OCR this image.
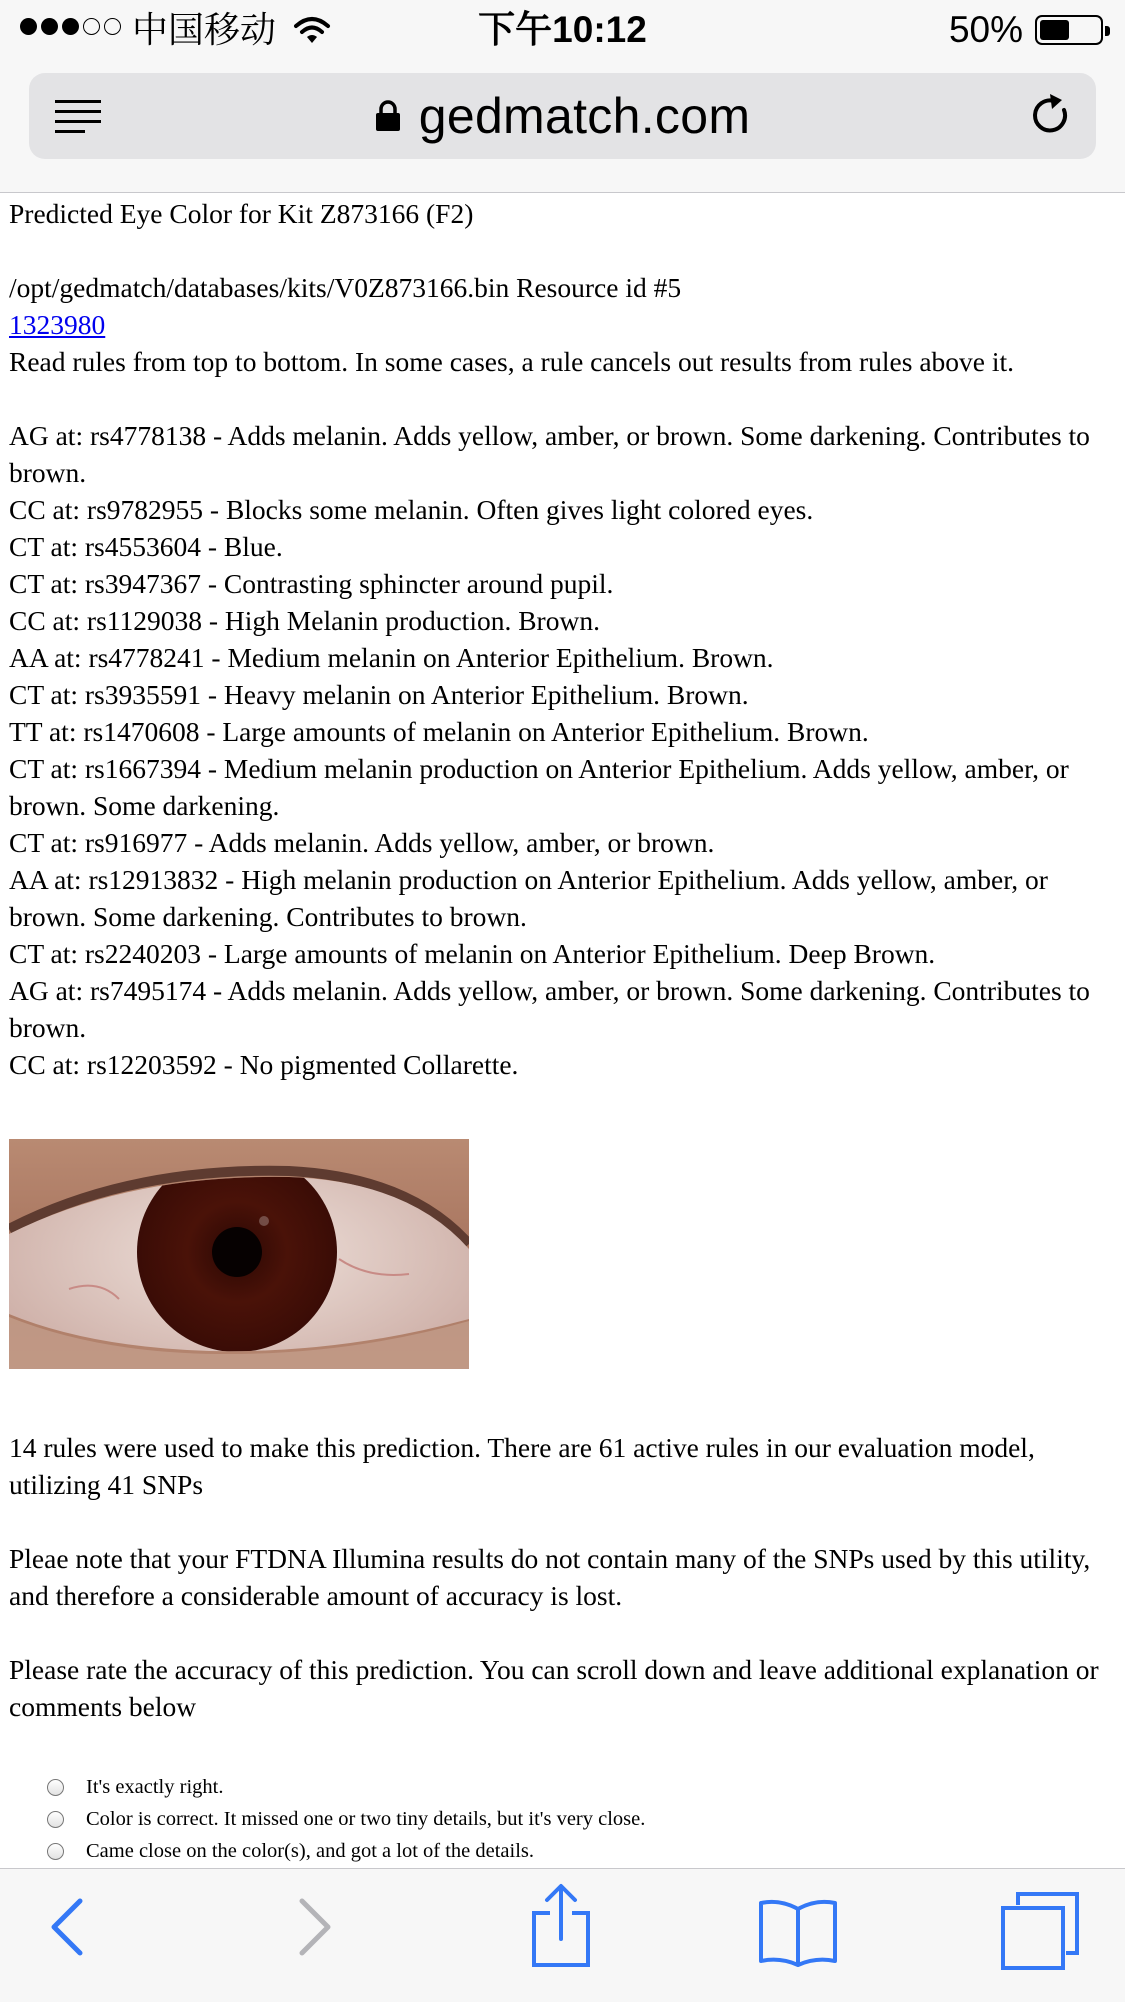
中国移动	下午10:12	50%
gedmatch.com

Predicted Eye Color for Kit Z873166 (F2)

/opt/gedmatch/databases/kits/V0Z873166.bin Resource id #5

1323980

Read rules from top to bottom. In some cases, a rule cancels out results from rules above it.

AG at: rs4778138 - Adds melanin. Adds yellow, amber, or brown. Some darkening. Contributes to brown.

CC at: rs9782955 - Blocks some melanin. Often gives light colored eyes.

CT at: rs4553604 - Blue.

CT at: rs3947367 - Contrasting sphincter around pupil.

CC at: rs1129038 - High Melanin production. Brown.

AA at: rs4778241 - Medium melanin on Anterior Epithelium. Brown.

CT at: rs3935591 - Heavy melanin on Anterior Epithelium. Brown.

TT at: rs1470608 - Large amounts of melanin on Anterior Epithelium. Brown.

CT at: rs1667394 - Medium melanin production on Anterior Epithelium. Adds yellow, amber, or brown. Some darkening.

CT at: rs916977 - Adds melanin. Adds yellow, amber, or brown.

AA at: rs12913832 - High melanin production on Anterior Epithelium. Adds yellow, amber, or brown. Some darkening. Contributes to brown.

CT at: rs2240203 - Large amounts of melanin on Anterior Epithelium. Deep Brown.

AG at: rs7495174 - Adds melanin. Adds yellow, amber, or brown. Some darkening. Contributes to brown.

CC at: rs12203592 - No pigmented Collarette.

14 rules were used to make this prediction. There are 61 active rules in our evaluation model, utilizing 41 SNPs

Pleae note that your FTDNA Illumina results do not contain many of the SNPs used by this utility, and therefore a considerable amount of accuracy is lost.

Please rate the accuracy of this prediction. You can scroll down and leave additional explanation or comments below

It's exactly right.
Color is correct. It missed one or two tiny details, but it's very close.
Came close on the color(s), and got a lot of the details.
